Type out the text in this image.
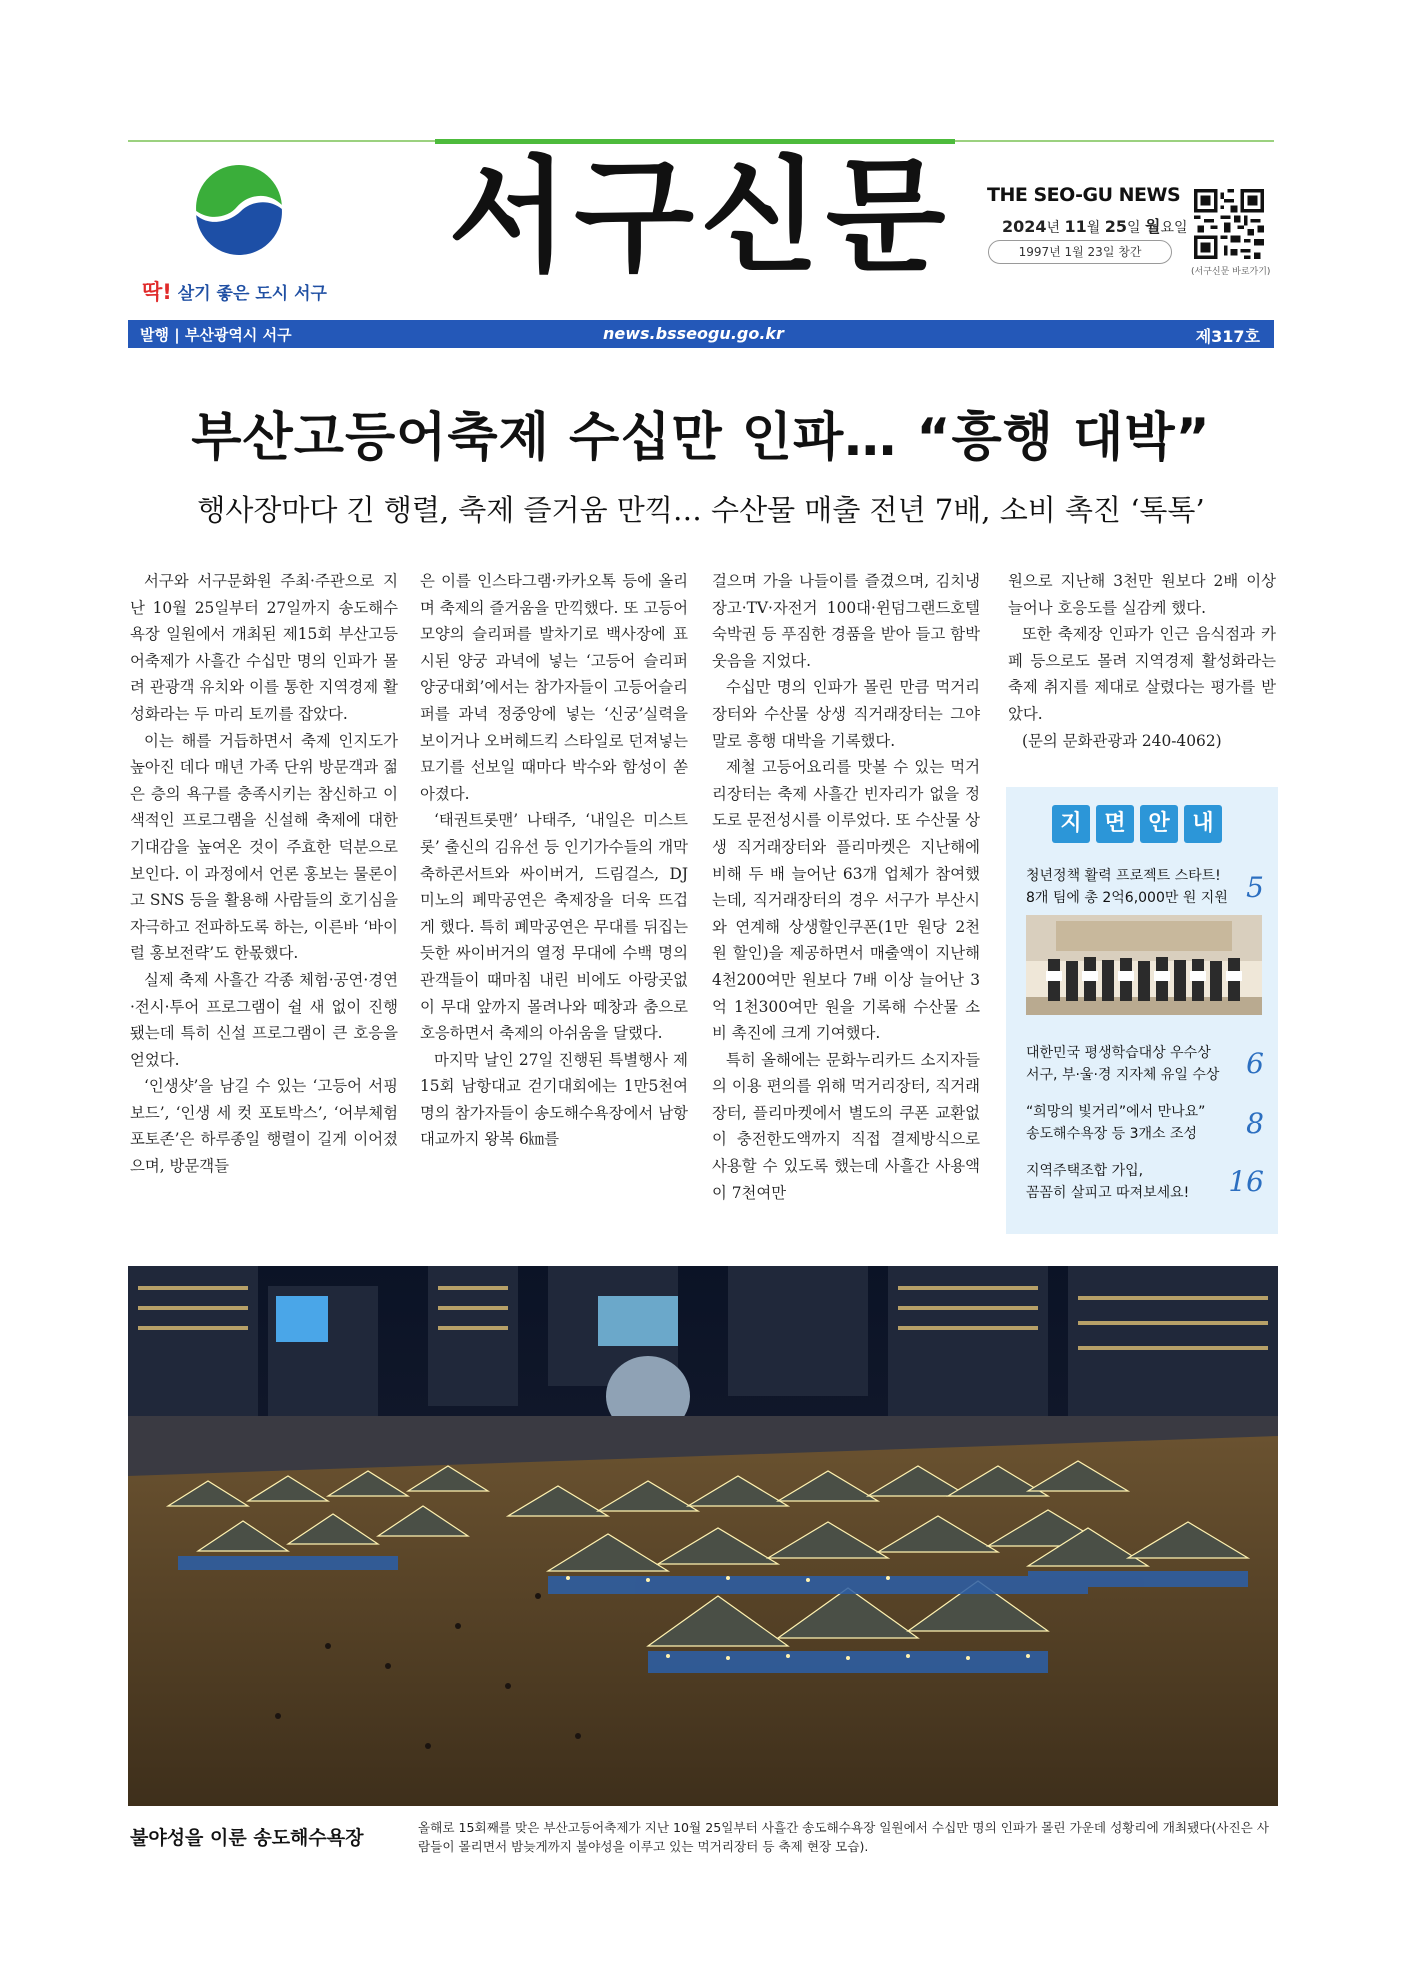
딱! 살기 좋은 도시 서구
서구신문	THE SEO-GU NEWS
2024년 11월 25일 월요일
1997년 1월 23일 창간
(서구신문 바로가기)
발행 | 부산광역시 서구	news.bsseogu.go.kr	제317호
부산고등어축제 수십만 인파… “흥행 대박”
행사장마다 긴 행렬, 축제 즐거움 만끽… 수산물 매출 전년 7배, 소비 촉진 ‘톡톡’

서구와 서구문화원 주최·주관으로 지난 10월 25일부터 27일까지 송도해수욕장 일원에서 개최된 제15회 부산고등어축제가 사흘간 수십만 명의 인파가 몰려 관광객 유치와 이를 통한 지역경제 활성화라는 두 마리 토끼를 잡았다.

이는 해를 거듭하면서 축제 인지도가 높아진 데다 매년 가족 단위 방문객과 젊은 층의 욕구를 충족시키는 참신하고 이색적인 프로그램을 신설해 축제에 대한 기대감을 높여온 것이 주효한 덕분으로 보인다. 이 과정에서 언론 홍보는 물론이고 SNS 등을 활용해 사람들의 호기심을 자극하고 전파하도록 하는, 이른바 ‘바이럴 홍보전략’도 한몫했다.

실제 축제 사흘간 각종 체험·공연·경연·전시·투어 프로그램이 쉴 새 없이 진행됐는데 특히 신설 프로그램이 큰 호응을 얻었다.

‘인생샷’을 남길 수 있는 ‘고등어 서핑 보드’, ‘인생 세 컷 포토박스’, ‘어부체험 포토존’은 하루종일 행렬이 길게 이어졌으며, 방문객들

은 이를 인스타그램·카카오톡 등에 올리며 축제의 즐거움을 만끽했다. 또 고등어모양의 슬리퍼를 발차기로 백사장에 표시된 양궁 과녁에 넣는 ‘고등어 슬리퍼 양궁대회’에서는 참가자들이 고등어슬리퍼를 과녁 정중앙에 넣는 ‘신궁’실력을 보이거나 오버헤드킥 스타일로 던져넣는 묘기를 선보일 때마다 박수와 함성이 쏟아졌다.

‘태권트롯맨’ 나태주, ‘내일은 미스트롯’ 출신의 김유선 등 인기가수들의 개막 축하콘서트와 싸이버거, 드림걸스, DJ 미노의 폐막공연은 축제장을 더욱 뜨겁게 했다. 특히 폐막공연은 무대를 뒤집는 듯한 싸이버거의 열정 무대에 수백 명의 관객들이 때마침 내린 비에도 아랑곳없이 무대 앞까지 몰려나와 떼창과 춤으로 호응하면서 축제의 아쉬움을 달랬다.

마지막 날인 27일 진행된 특별행사 제15회 남항대교 걷기대회에는 1만5천여 명의 참가자들이 송도해수욕장에서 남항대교까지 왕복 6㎞를

걸으며 가을 나들이를 즐겼으며, 김치냉장고·TV·자전거 100대·윈덤그랜드호텔 숙박권 등 푸짐한 경품을 받아 들고 함박웃음을 지었다.

수십만 명의 인파가 몰린 만큼 먹거리장터와 수산물 상생 직거래장터는 그야말로 흥행 대박을 기록했다.

제철 고등어요리를 맛볼 수 있는 먹거리장터는 축제 사흘간 빈자리가 없을 정도로 문전성시를 이루었다. 또 수산물 상생 직거래장터와 플리마켓은 지난해에 비해 두 배 늘어난 63개 업체가 참여했는데, 직거래장터의 경우 서구가 부산시와 연계해 상생할인쿠폰(1만 원당 2천 원 할인)을 제공하면서 매출액이 지난해 4천200여만 원보다 7배 이상 늘어난 3억 1천300여만 원을 기록해 수산물 소비 촉진에 크게 기여했다.

특히 올해에는 문화누리카드 소지자들의 이용 편의를 위해 먹거리장터, 직거래장터, 플리마켓에서 별도의 쿠폰 교환없이 충전한도액까지 직접 결제방식으로 사용할 수 있도록 했는데 사흘간 사용액이 7천여만

원으로 지난해 3천만 원보다 2배 이상 늘어나 호응도를 실감케 했다.

또한 축제장 인파가 인근 음식점과 카페 등으로도 몰려 지역경제 활성화라는 축제 취지를 제대로 살렸다는 평가를 받았다.

(문의 문화관광과 240-4062)

지 면 안 내
청년정책 활력 프로젝트 스타트!
8개 팀에 총 2억6,000만 원 지원 5
대한민국 평생학습대상 우수상
서구, 부·울·경 지자체 유일 수상 6
“희망의 빛거리”에서 만나요”
송도해수욕장 등 3개소 조성	8
지역주택조합 가입,
꼼꼼히 살피고 따져보세요! 16
불야성을 이룬 송도해수욕장	올해로 15회째를 맞은 부산고등어축제가 지난 10월 25일부터 사흘간 송도해수욕장 일원에서 수십만 명의 인파가 몰린 가운데 성황리에 개최됐다(사진은 사람들이 몰리면서 밤늦게까지 불야성을 이루고 있는 먹거리장터 등 축제 현장 모습).
